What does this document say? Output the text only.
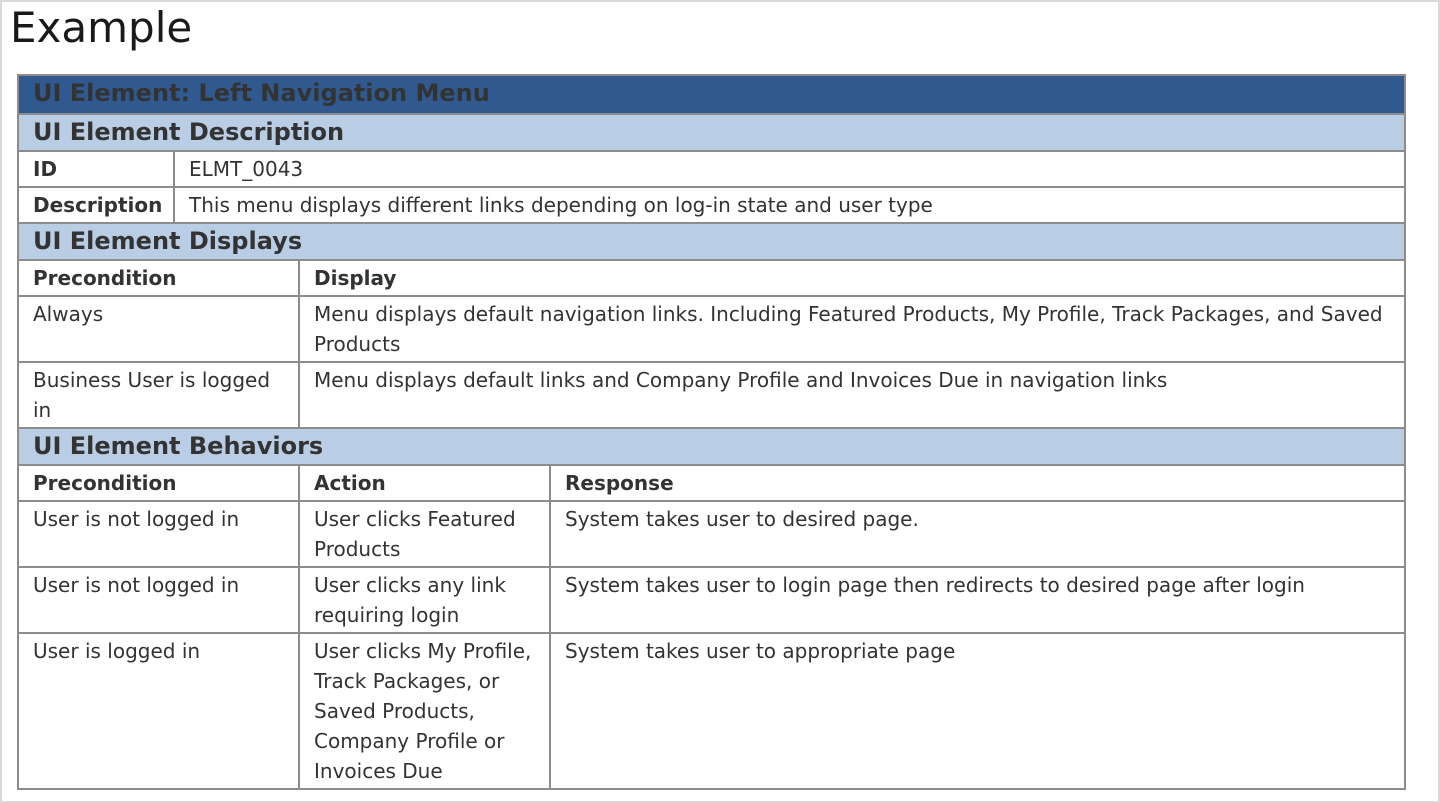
Example
UI Element: Left Navigation Menu			
UI Element Description			
ID	ELMT_0043		
Description	This menu displays different links depending on log-in state and user type		
UI Element Displays			
Precondition		Display	
Always		Menu displays default navigation links. Including Featured Products, My Profile, Track Packages, and Saved Products	
Business User is logged in		Menu displays default links and Company Profile and Invoices Due in navigation links	
UI Element Behaviors			
Precondition		Action	Response
User is not logged in		User clicks Featured Products	System takes user to desired page.
User is not logged in		User clicks any link requiring login	System takes user to login page then redirects to desired page after login
User is logged in		User clicks My Profile, Track Packages, or Saved Products, Company Profile or Invoices Due	System takes user to appropriate page
